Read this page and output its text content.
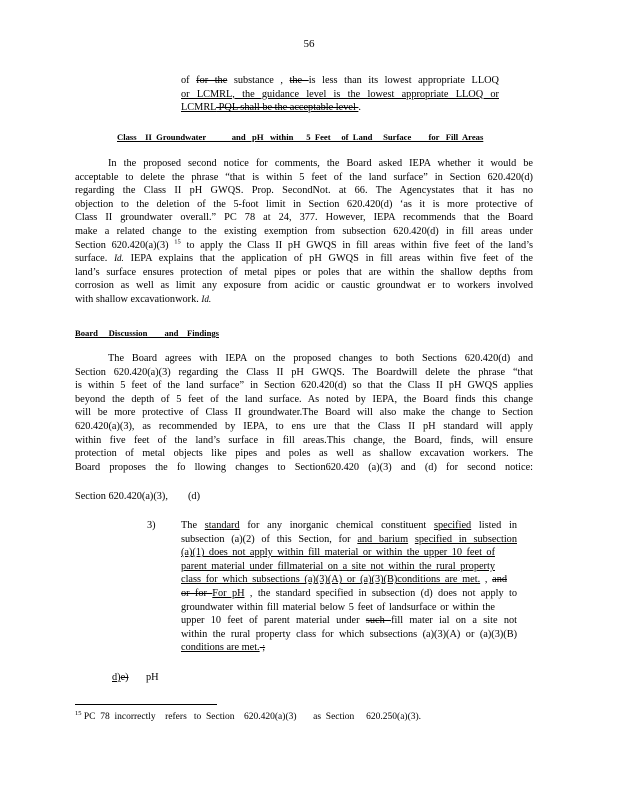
56

of for the substance , the is less than its lowest appropriate LLOQ

or LCMRL, the guidance level is the lowest appropriate LLOQ or

LCMRL PQL shall be the acceptable level .

Class    II  Groundwater            and   pH   within      5  Feet     of  Land     Surface        for   Fill  Areas

In the proposed second notice for comments, the Board asked IEPA whether it would be

acceptable to delete the phrase “that is within 5 feet of the land surface” in Section 620.420(d)

regarding the Class II pH GWQS. Prop. SecondNot. at 66. The Agencystates that it has no

objection to the deletion of the 5-foot limit in Section 620.420(d) ‘as it is more protective of

Class II groundwater overall.” PC 78 at 24, 377. However, IEPA recommends that the Board

make a related change to the existing exemption from subsection 620.420(d) in fill areas under

Section 620.420(a)(3) $^{15}$ to apply the Class II pH GWQS in fill areas within five feet of the land’s

surface. Id. IEPA explains that the application of pH GWQS in fill areas within five feet of the

land’s surface ensures protection of metal pipes or poles that are within the shallow depths from

corrosion as well as limit any exposure from acidic or caustic groundwat er to workers involved

with shallow excavationwork. Id.

Board     Discussion        and    Findings

The Board agrees with IEPA on the proposed changes to both Sections 620.420(d) and

Section 620.420(a)(3) regarding the Class II pH GWQS. The Boardwill delete the phrase “that

is within 5 feet of the land surface” in Section 620.420(d) so that the Class II pH GWQS applies

beyond the depth of 5 feet of the land surface. As noted by IEPA, the Board finds this change

will be more protective of Class II groundwater.The Board will also make the change to Section

620.420(a)(3), as recommended by IEPA, to ens ure that the Class II pH standard will apply

within five feet of the land’s surface in fill areas.This change, the Board, finds, will ensure

protection of metal objects like pipes and poles as well as shallow excavation workers. The

Board proposes the fo llowing changes to Section620.420 (a)(3) and (d) for second notice:

Section 620.420(a)(3), (d)
3) The standard for any inorganic chemical constituent specified listed in

subsection (a)(2) of this Section, for and barium specified in subsection

(a)(1) does not apply within fill material or within the upper 10 feet of

parent material under fillmaterial on a site not within the rural property

class for which subsections (a)(3)(A) or (a)(3)(B)conditions are met. , and

or for For pH , the standard specified in subsection (d) does not apply to

groundwater within fill material below 5 feet of landsurface or within the

upper 10 feet of parent material under such fill mater ial on a site not

within the rural property class for which subsections (a)(3)(A) or (a)(3)(B)

conditions are met. ;

d)e) pH
$^{15}$ PC  78  incorrectly    refers   to  Section    620.420(a)(3)       as  Section     620.250(a)(3).
